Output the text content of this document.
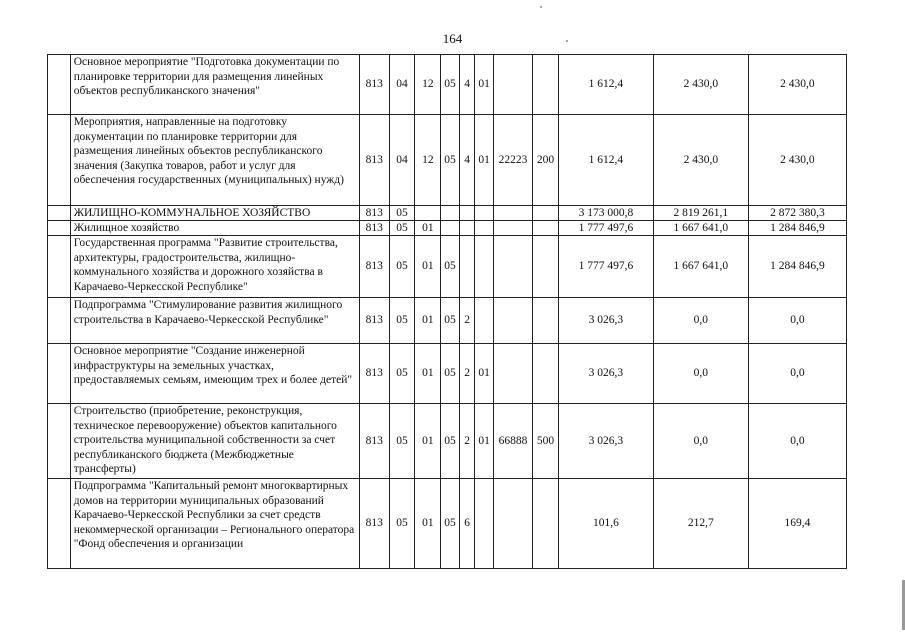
164
	Основное мероприятие "Подготовка документации по планировке территории для размещения линейных объектов республиканского значения"	813	04	12	05	4	01			1 612,4	2 430,0	2 430,0
	Мероприятия, направленные на подготовку документации по планировке территории для размещения линейных объектов республиканского значения (Закупка товаров, работ и услуг для обеспечения государственных (муниципальных) нужд)	813	04	12	05	4	01	22223	200	1 612,4	2 430,0	2 430,0
	ЖИЛИЩНО-КОММУНАЛЬНОЕ ХОЗЯЙСТВО	813	05							3 173 000,8	2 819 261,1	2 872 380,3
	Жилищное хозяйство	813	05	01						1 777 497,6	1 667 641,0	1 284 846,9
	Государственная программа "Развитие строительства, архитектуры, градостроительства, жилищно-коммунального хозяйства и дорожного хозяйства в Карачаево-Черкесской Республике"	813	05	01	05					1 777 497,6	1 667 641,0	1 284 846,9
	Подпрограмма "Стимулирование развития жилищного строительства в Карачаево-Черкесской Республике"	813	05	01	05	2				3 026,3	0,0	0,0
	Основное мероприятие "Создание инженерной инфраструктуры на земельных участках, предоставляемых семьям, имеющим трех и более детей"	813	05	01	05	2	01			3 026,3	0,0	0,0
	Строительство (приобретение, реконструкция, техническое перевооружение) объектов капитального строительства муниципальной собственности за счет республиканского бюджета (Межбюджетные трансферты)	813	05	01	05	2	01	66888	500	3 026,3	0,0	0,0
	Подпрограмма "Капитальный ремонт многоквартирных домов на территории муниципальных образований Карачаево-Черкесской Республики за счет средств некоммерческой организации – Регионального оператора "Фонд обеспечения и организации	813	05	01	05	6				101,6	212,7	169,4
